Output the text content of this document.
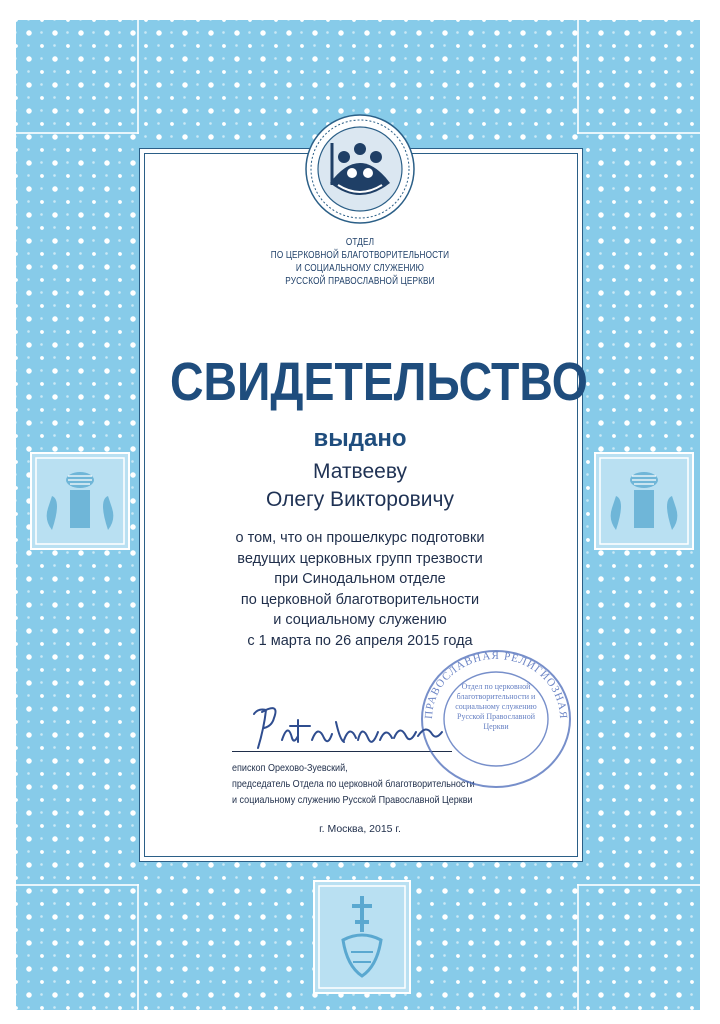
ОТДЕЛ
ПО ЦЕРКОВНОЙ БЛАГОТВОРИТЕЛЬНОСТИ
И СОЦИАЛЬНОМУ СЛУЖЕНИЮ
РУССКОЙ ПРАВОСЛАВНОЙ ЦЕРКВИ
СВИДЕТЕЛЬСТВО
выдано
Матвееву
Олегу Викторовичу
о том, что он прошелкурс подготовки
ведущих церковных групп трезвости
при Синодальном отделе
по церковной благотворительности
и социальному служению
с 1 марта по 26 апреля 2015 года
ПРАВОСЛАВНАЯ РЕЛИГИОЗНАЯ
Отдел по церковной благотворительности и социальному служению Русской Православной Церкви
епископ Орехово-Зуевский,
председатель Отдела по церковной благотворительности
и социальному служению Русской Православной Церкви
г. Москва, 2015 г.
